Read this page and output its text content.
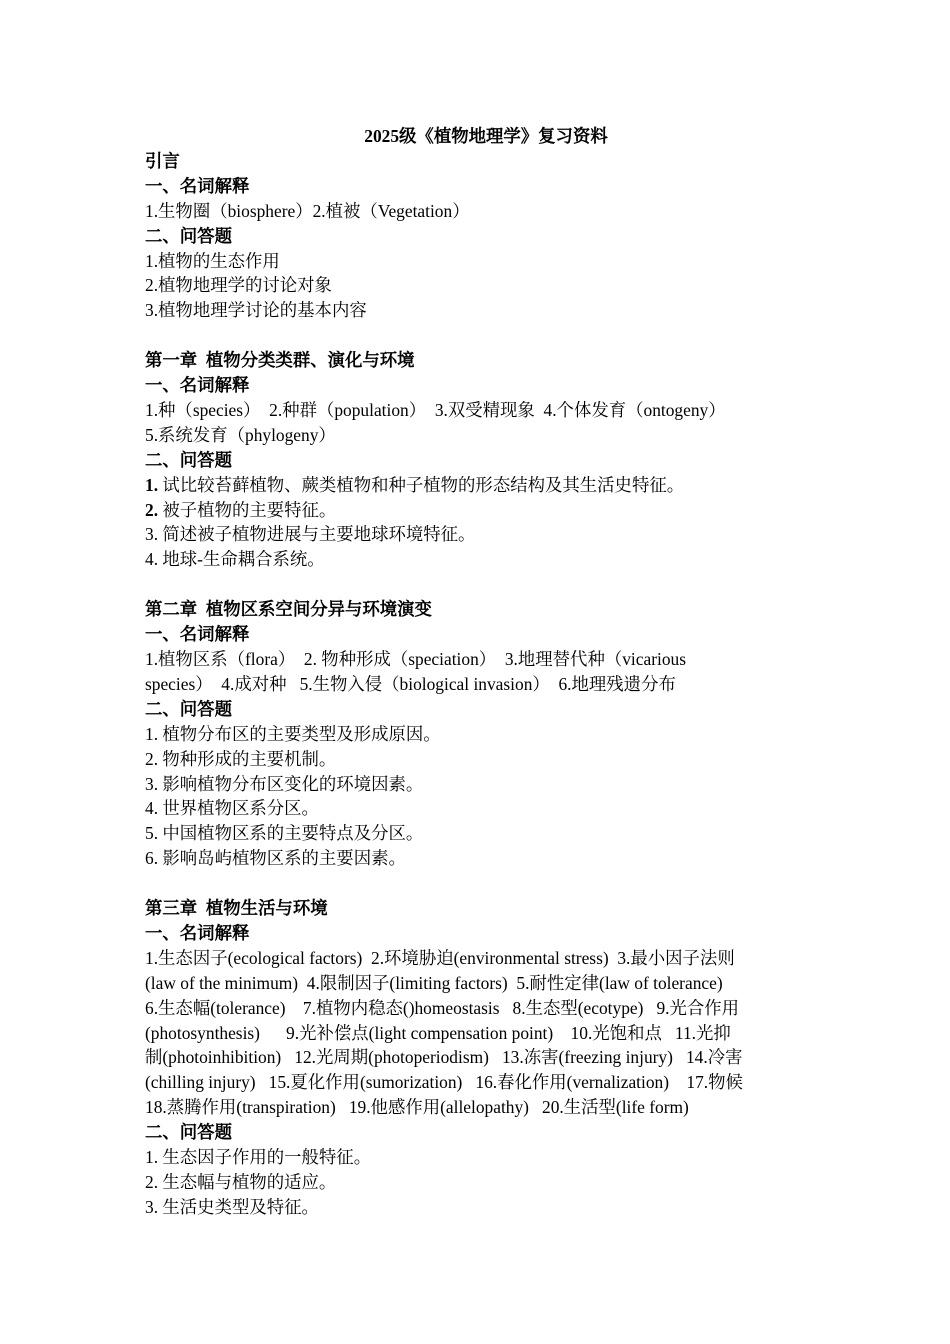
2025级《植物地理学》复习资料
引言
一、名词解释
1.生物圈（biosphere）2.植被（Vegetation）
二、问答题
1.植物的生态作用
2.植物地理学的讨论对象
3.植物地理学讨论的基本内容
第一章  植物分类类群、演化与环境
一、名词解释
1.种（species）  2.种群（population）  3.双受精现象  4.个体发育（ontogeny）
5.系统发育（phylogeny）
二、问答题
1. 试比较苔藓植物、蕨类植物和种子植物的形态结构及其生活史特征。
2. 被子植物的主要特征。
3. 简述被子植物进展与主要地球环境特征。
4. 地球-生命耦合系统。
第二章  植物区系空间分异与环境演变
一、名词解释
1.植物区系（flora）  2. 物种形成（speciation）  3.地理替代种（vicarious
species）  4.成对种   5.生物入侵（biological invasion）  6.地理残遗分布
二、问答题
1. 植物分布区的主要类型及形成原因。
2. 物种形成的主要机制。
3. 影响植物分布区变化的环境因素。
4. 世界植物区系分区。
5. 中国植物区系的主要特点及分区。
6. 影响岛屿植物区系的主要因素。
第三章  植物生活与环境
一、名词解释
1.生态因子(ecological factors)  2.环境胁迫(environmental stress)  3.最小因子法则
(law of the minimum)  4.限制因子(limiting factors)  5.耐性定律(law of tolerance)
6.生态幅(tolerance)    7.植物内稳态()homeostasis   8.生态型(ecotype)   9.光合作用
(photosynthesis)      9.光补偿点(light compensation point)    10.光饱和点   11.光抑
制(photoinhibition)   12.光周期(photoperiodism)   13.冻害(freezing injury)   14.冷害
(chilling injury)   15.夏化作用(sumorization)   16.春化作用(vernalization)    17.物候
18.蒸腾作用(transpiration)   19.他感作用(allelopathy)   20.生活型(life form)
二、问答题
1. 生态因子作用的一般特征。
2. 生态幅与植物的适应。
3. 生活史类型及特征。
